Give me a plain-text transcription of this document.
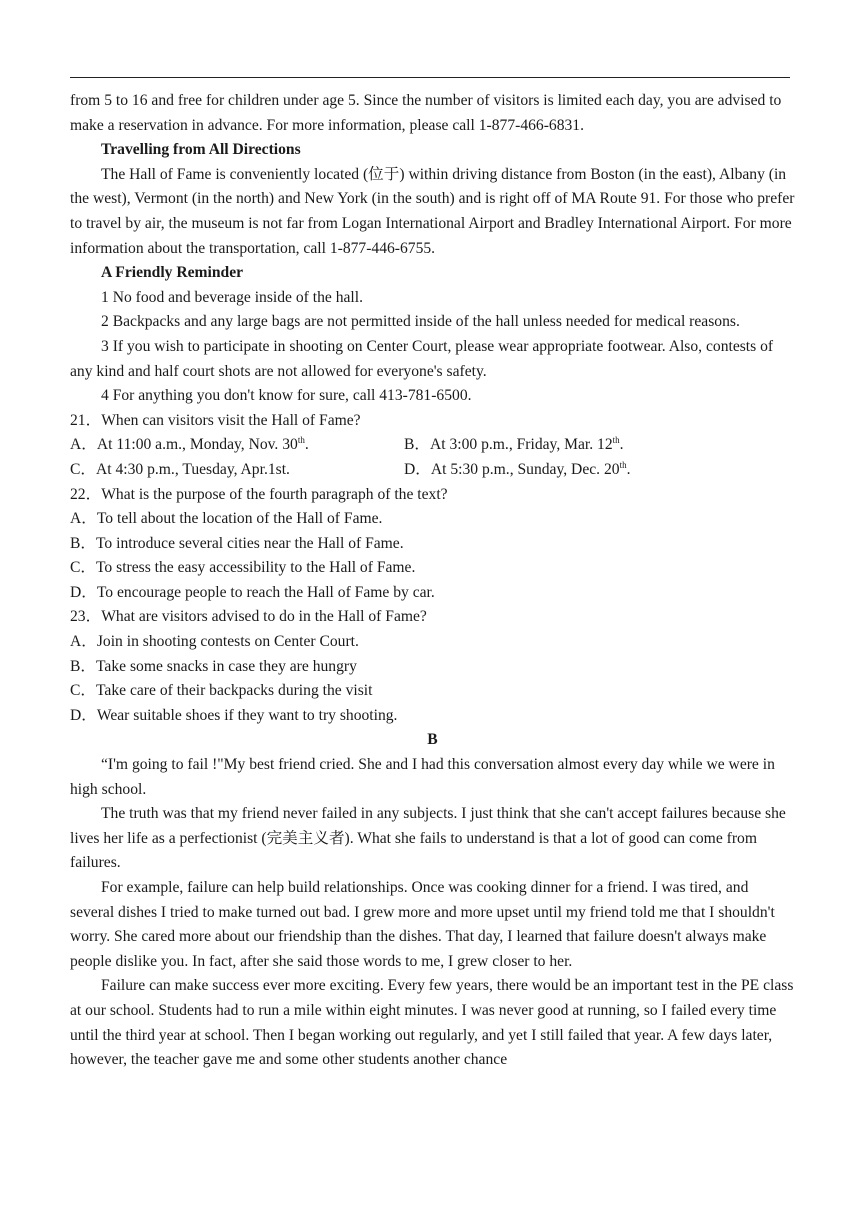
from 5 to 16 and free for children under age 5. Since the number of visitors is limited each day, you are advised to make a reservation in advance. For more information, please call 1-877-466-6831.

Travelling from All Directions

The Hall of Fame is conveniently located (位于) within driving distance from Boston (in the east), Albany (in the west), Vermont (in the north) and New York (in the south) and is right off of MA Route 91. For those who prefer to travel by air, the museum is not far from Logan International Airport and Bradley International Airport. For more information about the transportation, call 1-877-446-6755.

A Friendly Reminder

1 No food and beverage inside of the hall.

2 Backpacks and any large bags are not permitted inside of the hall unless needed for medical reasons.

3 If you wish to participate in shooting on Center Court, please wear appropriate footwear. Also, contests of any kind and half court shots are not allowed for everyone's safety.

4 For anything you don't know for sure, call 413-781-6500.

21．When can visitors visit the Hall of Fame?

A．At 11:00 a.m., Monday, Nov. 30th.	B．At 3:00 p.m., Friday, Mar. 12th.
C．At 4:30 p.m., Tuesday, Apr.1st.	D．At 5:30 p.m., Sunday, Dec. 20th.

22．What is the purpose of the fourth paragraph of the text?

A．To tell about the location of the Hall of Fame.

B．To introduce several cities near the Hall of Fame.

C．To stress the easy accessibility to the Hall of Fame.

D．To encourage people to reach the Hall of Fame by car.

23．What are visitors advised to do in the Hall of Fame?

A．Join in shooting contests on Center Court.

B．Take some snacks in case they are hungry

C．Take care of their backpacks during the visit

D．Wear suitable shoes if they want to try shooting.

B

“I'm going to fail !"My best friend cried. She and I had this conversation almost every day while we were in high school.

The truth was that my friend never failed in any subjects. I just think that she can't accept failures because she lives her life as a perfectionist (完美主义者). What she fails to understand is that a lot of good can come from failures.

For example, failure can help build relationships. Once was cooking dinner for a friend. I was tired, and several dishes I tried to make turned out bad. I grew more and more upset until my friend told me that I shouldn't worry. She cared more about our friendship than the dishes. That day, I learned that failure doesn't always make people dislike you. In fact, after she said those words to me, I grew closer to her.

Failure can make success ever more exciting. Every few years, there would be an important test in the PE class at our school. Students had to run a mile within eight minutes. I was never good at running, so I failed every time until the third year at school. Then I began working out regularly, and yet I still failed that year. A few days later, however, the teacher gave me and some other students another chance
